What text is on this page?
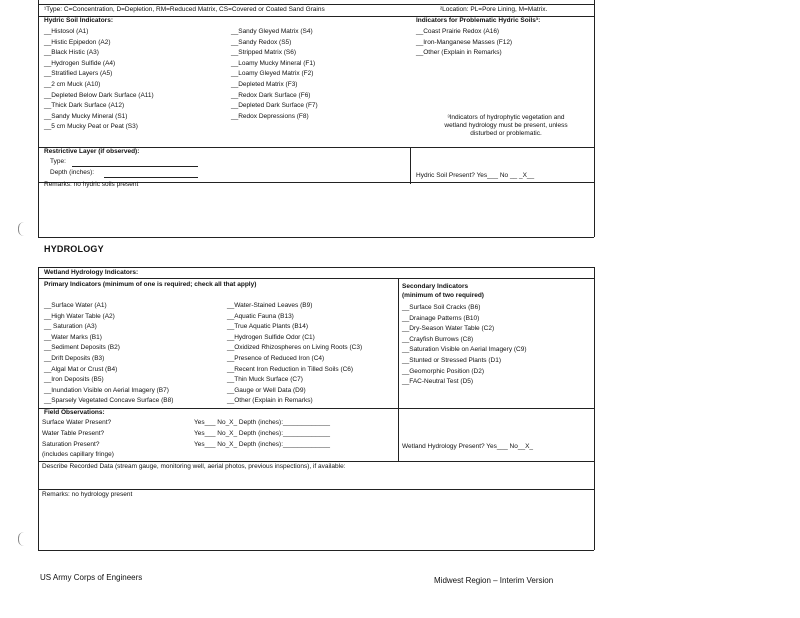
¹Type: C=Concentration, D=Depletion, RM=Reduced Matrix, CS=Covered or Coated Sand Grains	²Location: PL=Pore Lining, M=Matrix.
Hydric Soil Indicators:	Indicators for Problematic Hydric Soils³:
__Histosol (A1)
__Histic Epipedon (A2)
__Black Histic (A3)
__Hydrogen Sulfide (A4)
__Stratified Layers (A5)
__2 cm Muck (A10)
__Depleted Below Dark Surface (A11)
__Thick Dark Surface (A12)
__Sandy Mucky Mineral (S1)
__5 cm Mucky Peat or Peat (S3)
__Sandy Gleyed Matrix (S4)
__Sandy Redox (S5)
__Stripped Matrix (S6)
__Loamy Mucky Mineral (F1)
__Loamy Gleyed Matrix (F2)
__Depleted Matrix (F3)
__Redox Dark Surface (F6)
__Depleted Dark Surface (F7)
__Redox Depressions (F8)
__Coast Prairie Redox (A16)
__Iron-Manganese Masses (F12)
__Other (Explain in Remarks)
³Indicators of hydrophytic vegetation and
wetland hydrology must be present, unless
disturbed or problematic.
Restrictive Layer (if observed):
Type:
Depth (inches):	Hydric Soil Present? Yes___ No __ _X__
Remarks: no hydric soils present
HYDROLOGY
Wetland Hydrology Indicators:
Primary Indicators (minimum of one is required; check all that apply)	Secondary Indicators
(minimum of two required)
__Surface Water (A1)
__High Water Table (A2)
__ Saturation (A3)
__Water Marks (B1)
__Sediment Deposits (B2)
__Drift Deposits (B3)
__Algal Mat or Crust (B4)
__Iron Deposits (B5)
__Inundation Visible on Aerial Imagery (B7)
__Sparsely Vegetated Concave Surface (B8)
__Water-Stained Leaves (B9)
__Aquatic Fauna (B13)
__True Aquatic Plants (B14)
__Hydrogen Sulfide Odor (C1)
__Oxidized Rhizospheres on Living Roots (C3)
__Presence of Reduced Iron (C4)
__Recent Iron Reduction in Tilled Soils (C6)
__Thin Muck Surface (C7)
__Gauge or Well Data (D9)
__Other (Explain in Remarks)
__Surface Soil Cracks (B6)
__Drainage Patterns (B10)
__Dry-Season Water Table (C2)
__Crayfish Burrows (C8)
__Saturation Visible on Aerial Imagery (C9)
__Stunted or Stressed Plants (D1)
__Geomorphic Position (D2)
__FAC-Neutral Test (D5)
Field Observations:
Surface Water Present?	Yes___ No_X_ Depth (inches):_____________
Water Table Present?	Yes___ No_X_ Depth (inches):_____________
Saturation Present?	Yes___ No_X_ Depth (inches):_____________
(includes capillary fringe)
Wetland Hydrology Present? Yes___ No__X_
Describe Recorded Data (stream gauge, monitoring well, aerial photos, previous inspections), if available:
Remarks: no hydrology present
US Army Corps of Engineers	Midwest Region – Interim Version
